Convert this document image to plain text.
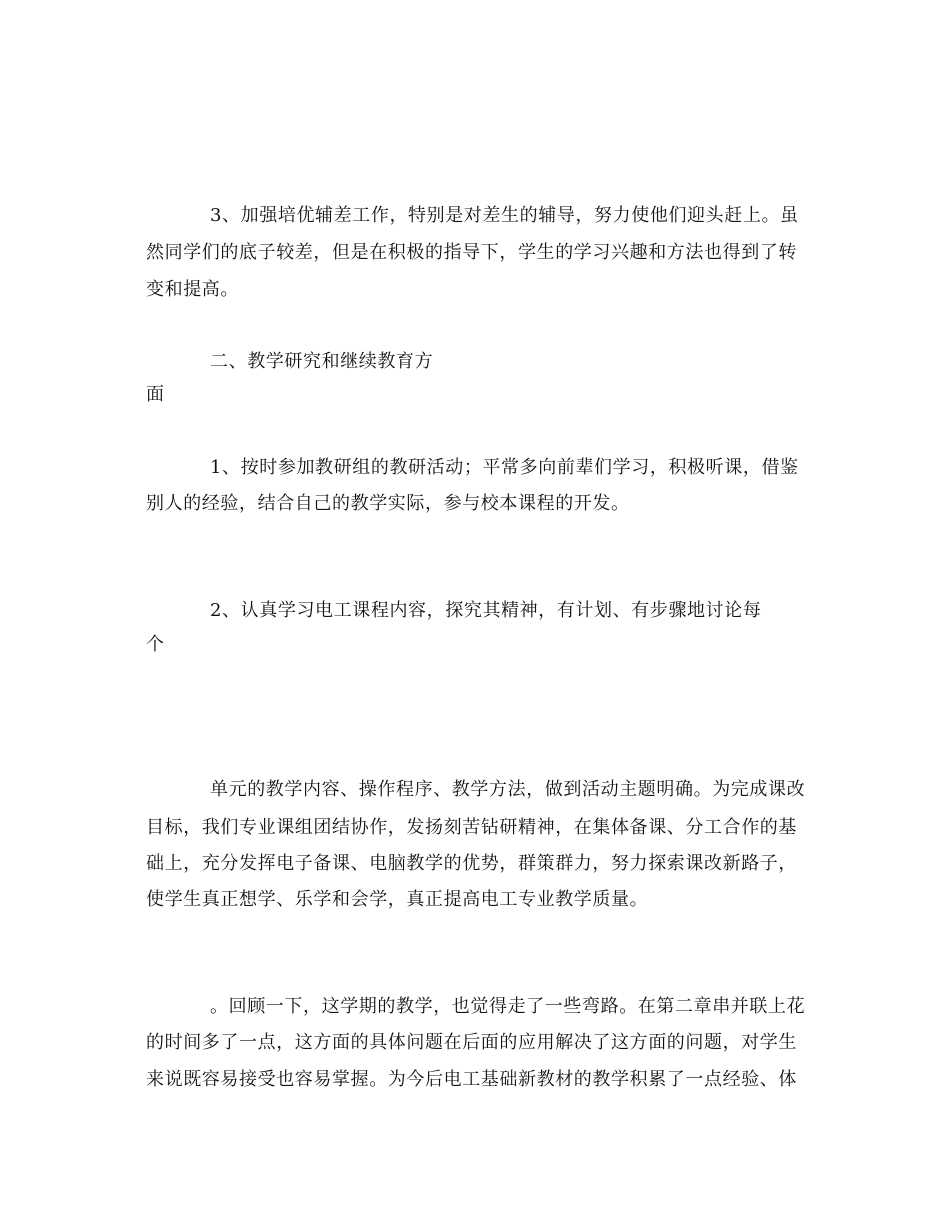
3、加强培优辅差工作，特别是对差生的辅导，努力使他们迎头赶上。虽
然同学们的底子较差，但是在积极的指导下，学生的学习兴趣和方法也得到了转
变和提高。
二、教学研究和继续教育方
面
1、按时参加教研组的教研活动；平常多向前辈们学习，积极听课，借鉴
别人的经验，结合自己的教学实际，参与校本课程的开发。
2、认真学习电工课程内容，探究其精神，有计划、有步骤地讨论每
个
单元的教学内容、操作程序、教学方法，做到活动主题明确。为完成课改
目标，我们专业课组团结协作，发扬刻苦钻研精神，在集体备课、分工合作的基
础上，充分发挥电子备课、电脑教学的优势，群策群力，努力探索课改新路子，
使学生真正想学、乐学和会学，真正提高电工专业教学质量。
。回顾一下，这学期的教学，也觉得走了一些弯路。在第二章串并联上花
的时间多了一点，这方面的具体问题在后面的应用解决了这方面的问题，对学生
来说既容易接受也容易掌握。为今后电工基础新教材的教学积累了一点经验、体
